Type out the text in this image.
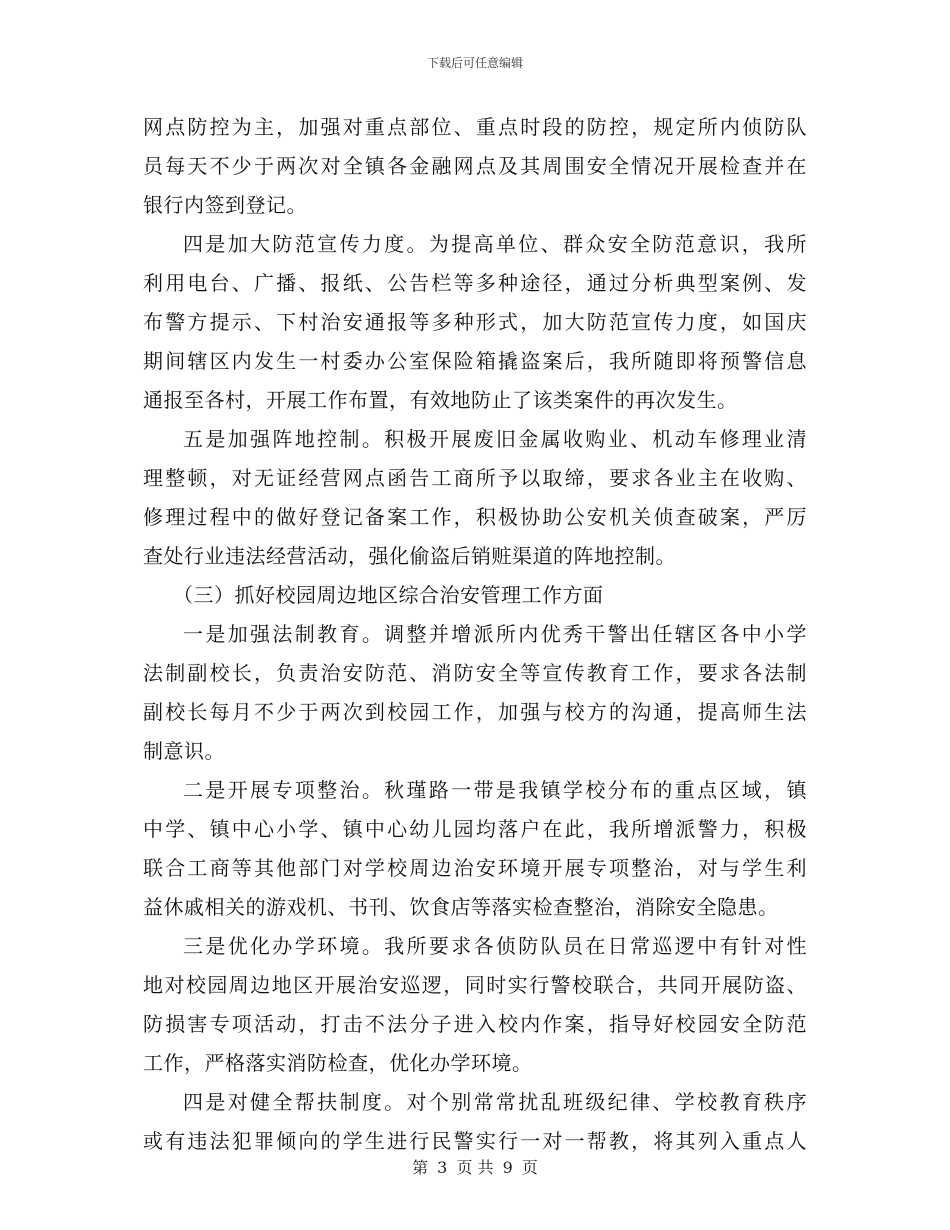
下载后可任意编辑
网点防控为主，加强对重点部位、重点时段的防控，规定所内侦防队
员每天不少于两次对全镇各金融网点及其周围安全情况开展检查并在
银行内签到登记。
四是加大防范宣传力度。为提高单位、群众安全防范意识，我所
利用电台、广播、报纸、公告栏等多种途径，通过分析典型案例、发
布警方提示、下村治安通报等多种形式，加大防范宣传力度，如国庆
期间辖区内发生一村委办公室保险箱撬盗案后，我所随即将预警信息
通报至各村，开展工作布置，有效地防止了该类案件的再次发生。
五是加强阵地控制。积极开展废旧金属收购业、机动车修理业清
理整顿，对无证经营网点函告工商所予以取缔，要求各业主在收购、
修理过程中的做好登记备案工作，积极协助公安机关侦查破案，严厉
查处行业违法经营活动，强化偷盗后销赃渠道的阵地控制。
（三）抓好校园周边地区综合治安管理工作方面
一是加强法制教育。调整并增派所内优秀干警出任辖区各中小学
法制副校长，负责治安防范、消防安全等宣传教育工作，要求各法制
副校长每月不少于两次到校园工作，加强与校方的沟通，提高师生法
制意识。
二是开展专项整治。秋瑾路一带是我镇学校分布的重点区域，镇
中学、镇中心小学、镇中心幼儿园均落户在此，我所增派警力，积极
联合工商等其他部门对学校周边治安环境开展专项整治，对与学生利
益休戚相关的游戏机、书刊、饮食店等落实检查整治，消除安全隐患。
三是优化办学环境。我所要求各侦防队员在日常巡逻中有针对性
地对校园周边地区开展治安巡逻，同时实行警校联合，共同开展防盗、
防损害专项活动，打击不法分子进入校内作案，指导好校园安全防范
工作，严格落实消防检查，优化办学环境。
四是对健全帮扶制度。对个别常常扰乱班级纪律、学校教育秩序
或有违法犯罪倾向的学生进行民警实行一对一帮教，将其列入重点人
第 3 页 共 9 页
